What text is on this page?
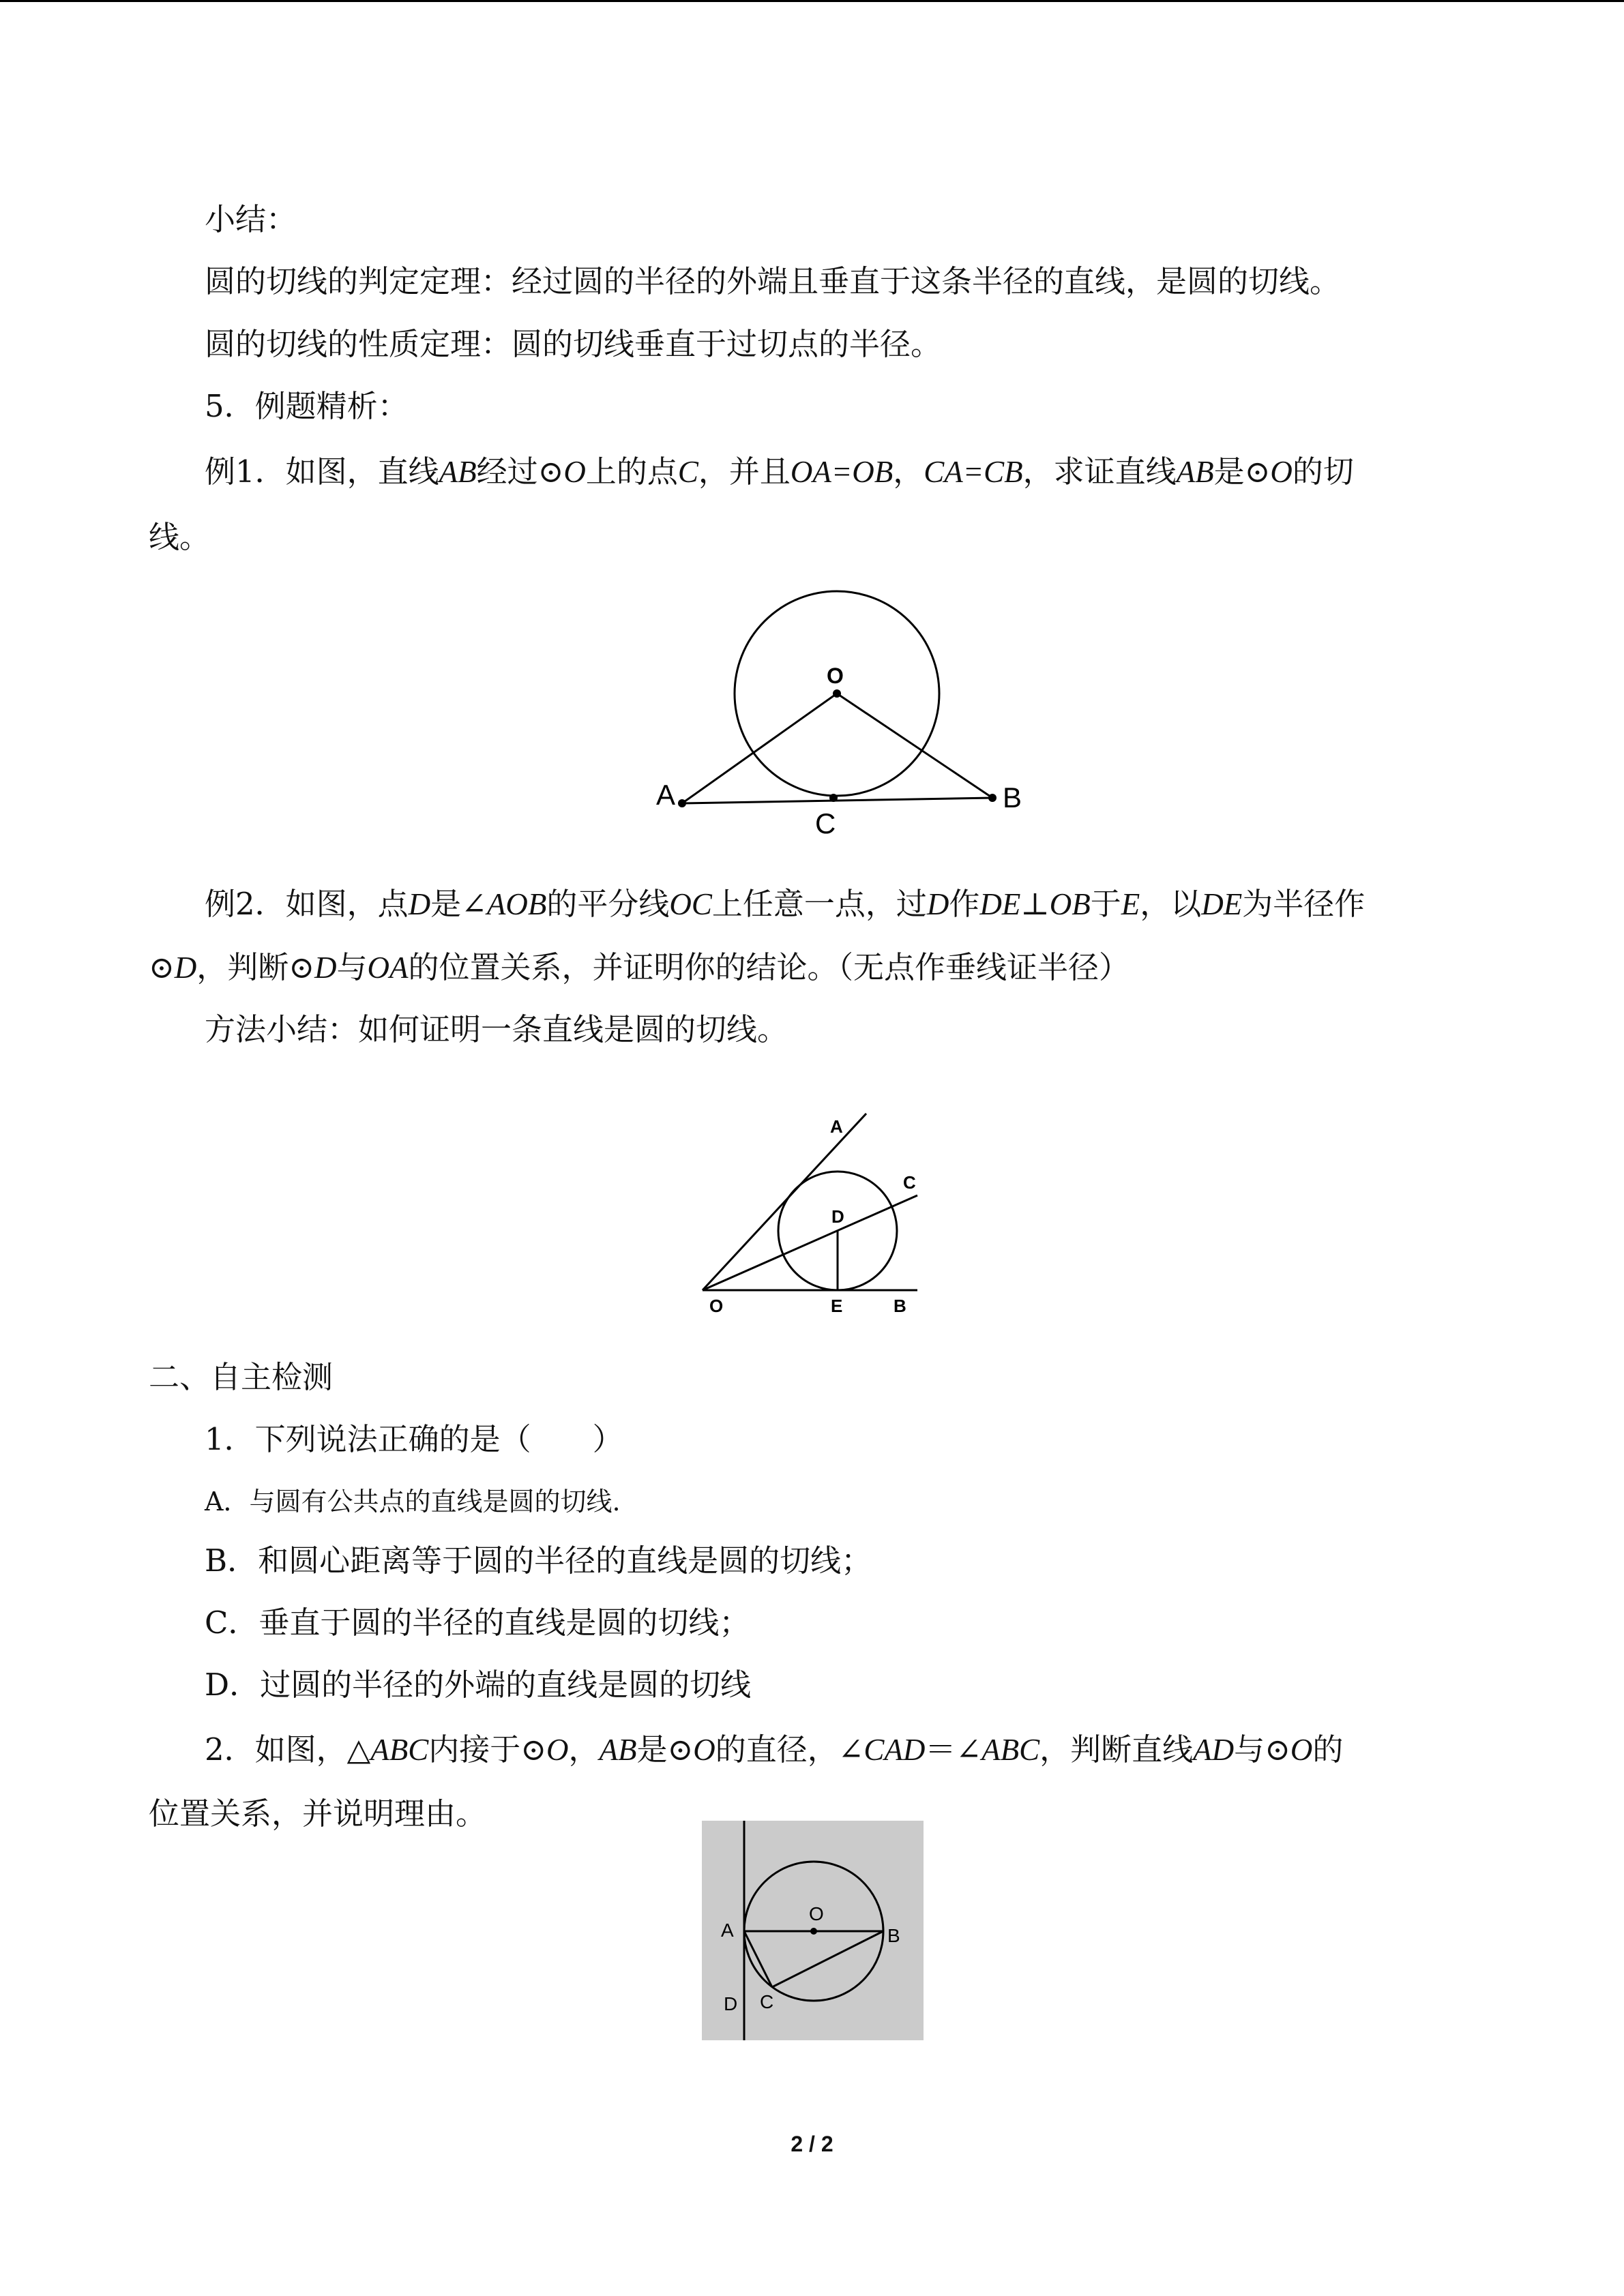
小结：
圆的切线的判定定理：经过圆的半径的外端且垂直于这条半径的直线，是圆的切线。
圆的切线的性质定理：圆的切线垂直于过切点的半径。
5．例题精析：
例1．如图，直线AB经过⊙O上的点C，并且OA=OB，CA=CB，求证直线AB是⊙O的切
线。
O
A	B
C
例2．如图，点D是∠AOB的平分线OC上任意一点，过D作DE⊥OB于E，以DE为半径作
⊙D，判断⊙D与OA的位置关系，并证明你的结论。（无点作垂线证半径）
方法小结：如何证明一条直线是圆的切线。
A
C
D
O	E	B
二、自主检测
1．下列说法正确的是（　　）
A．与圆有公共点的直线是圆的切线.
B．和圆心距离等于圆的半径的直线是圆的切线；
C．垂直于圆的半径的直线是圆的切线；
D．过圆的半径的外端的直线是圆的切线
2．如图，△ABC内接于⊙O，AB是⊙O的直径，∠CAD＝∠ABC，判断直线AD与⊙O的
位置关系，并说明理由。
A
O
B
D C
2 / 2
